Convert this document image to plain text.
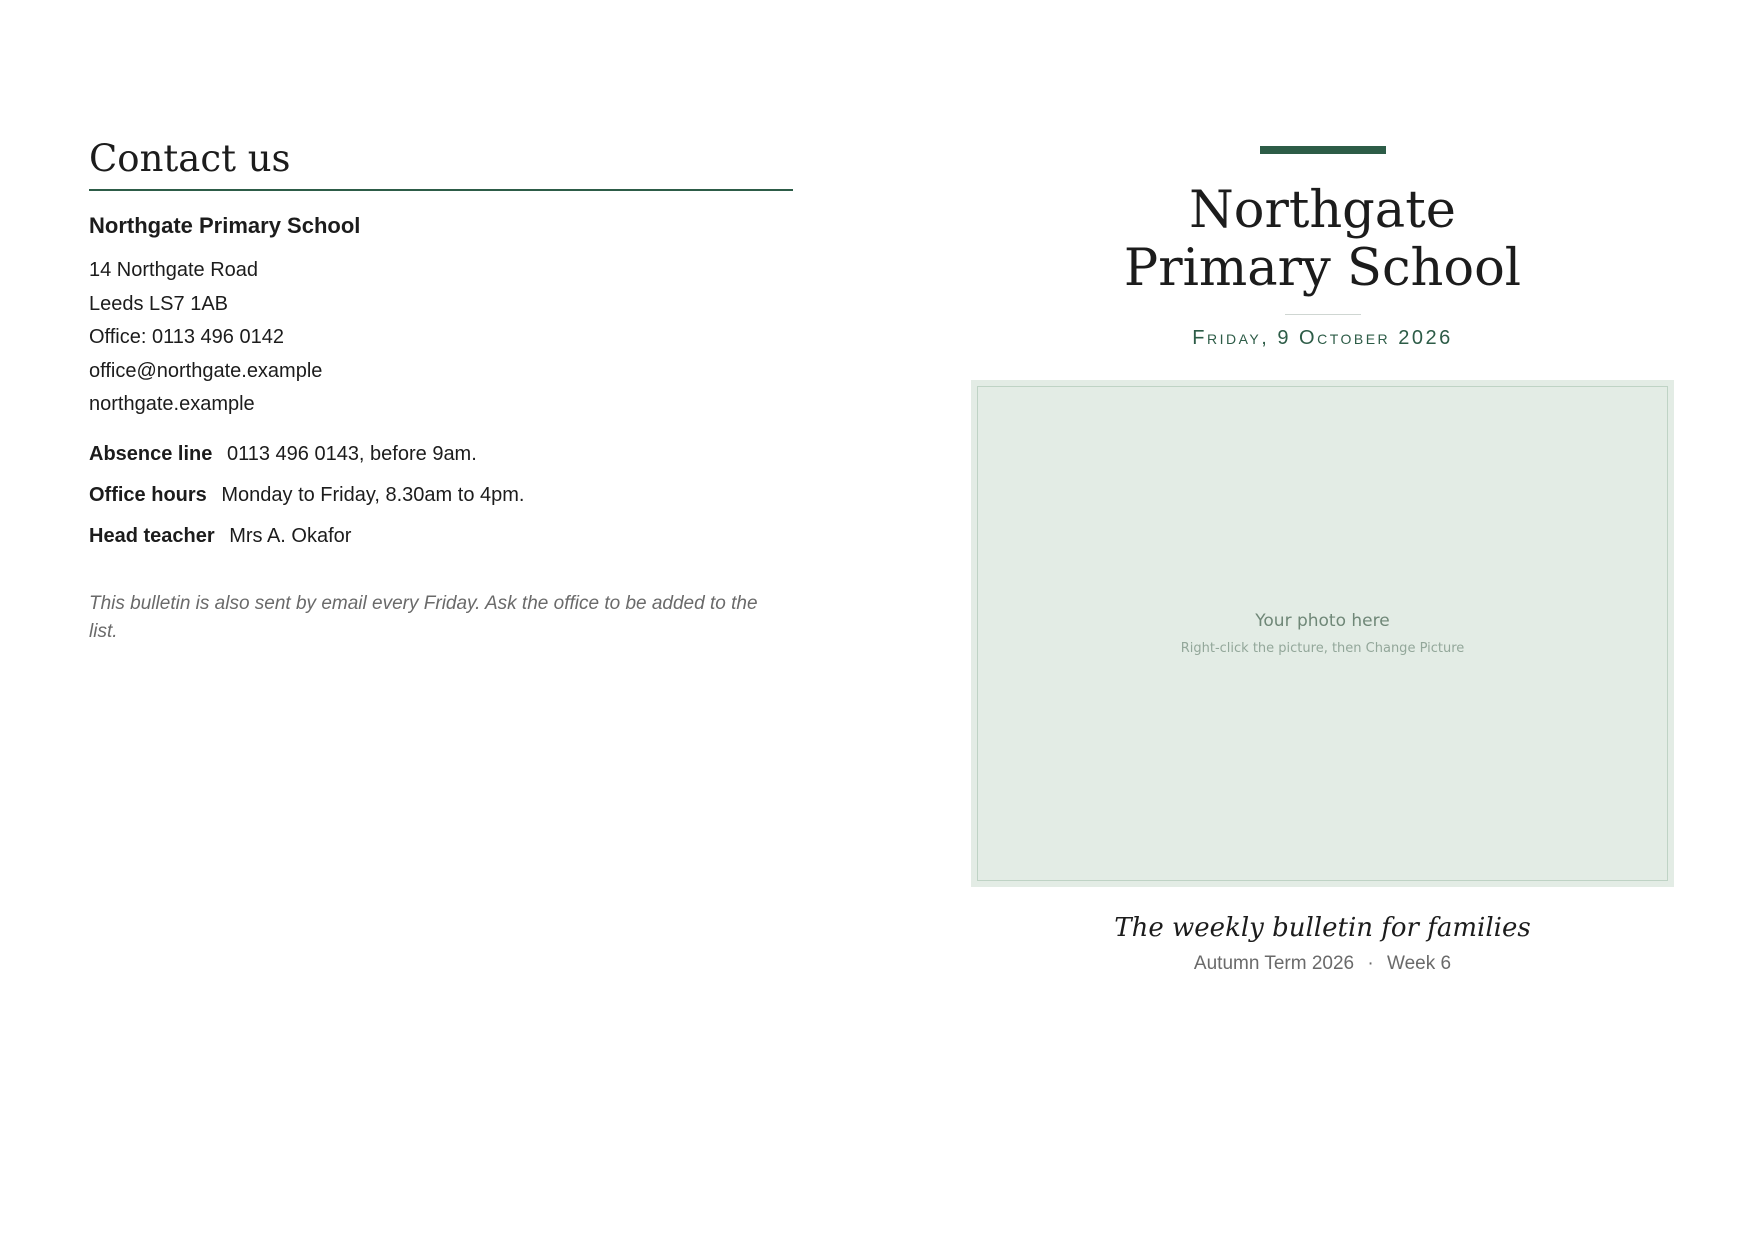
Contact us
Northgate Primary School
14 Northgate Road
Leeds LS7 1AB
Office: 0113 496 0142
office@northgate.example
northgate.example
Absence line 0113 496 0143, before 9am.
Office hours Monday to Friday, 8.30am to 4pm.
Head teacher Mrs A. Okafor
This bulletin is also sent by email every Friday. Ask the office to be added to the list.
Northgate
Primary School
Friday, 9 October 2026
Your photo here
Right-click the picture, then Change Picture
The weekly bulletin for families
Autumn Term 2026 · Week 6
